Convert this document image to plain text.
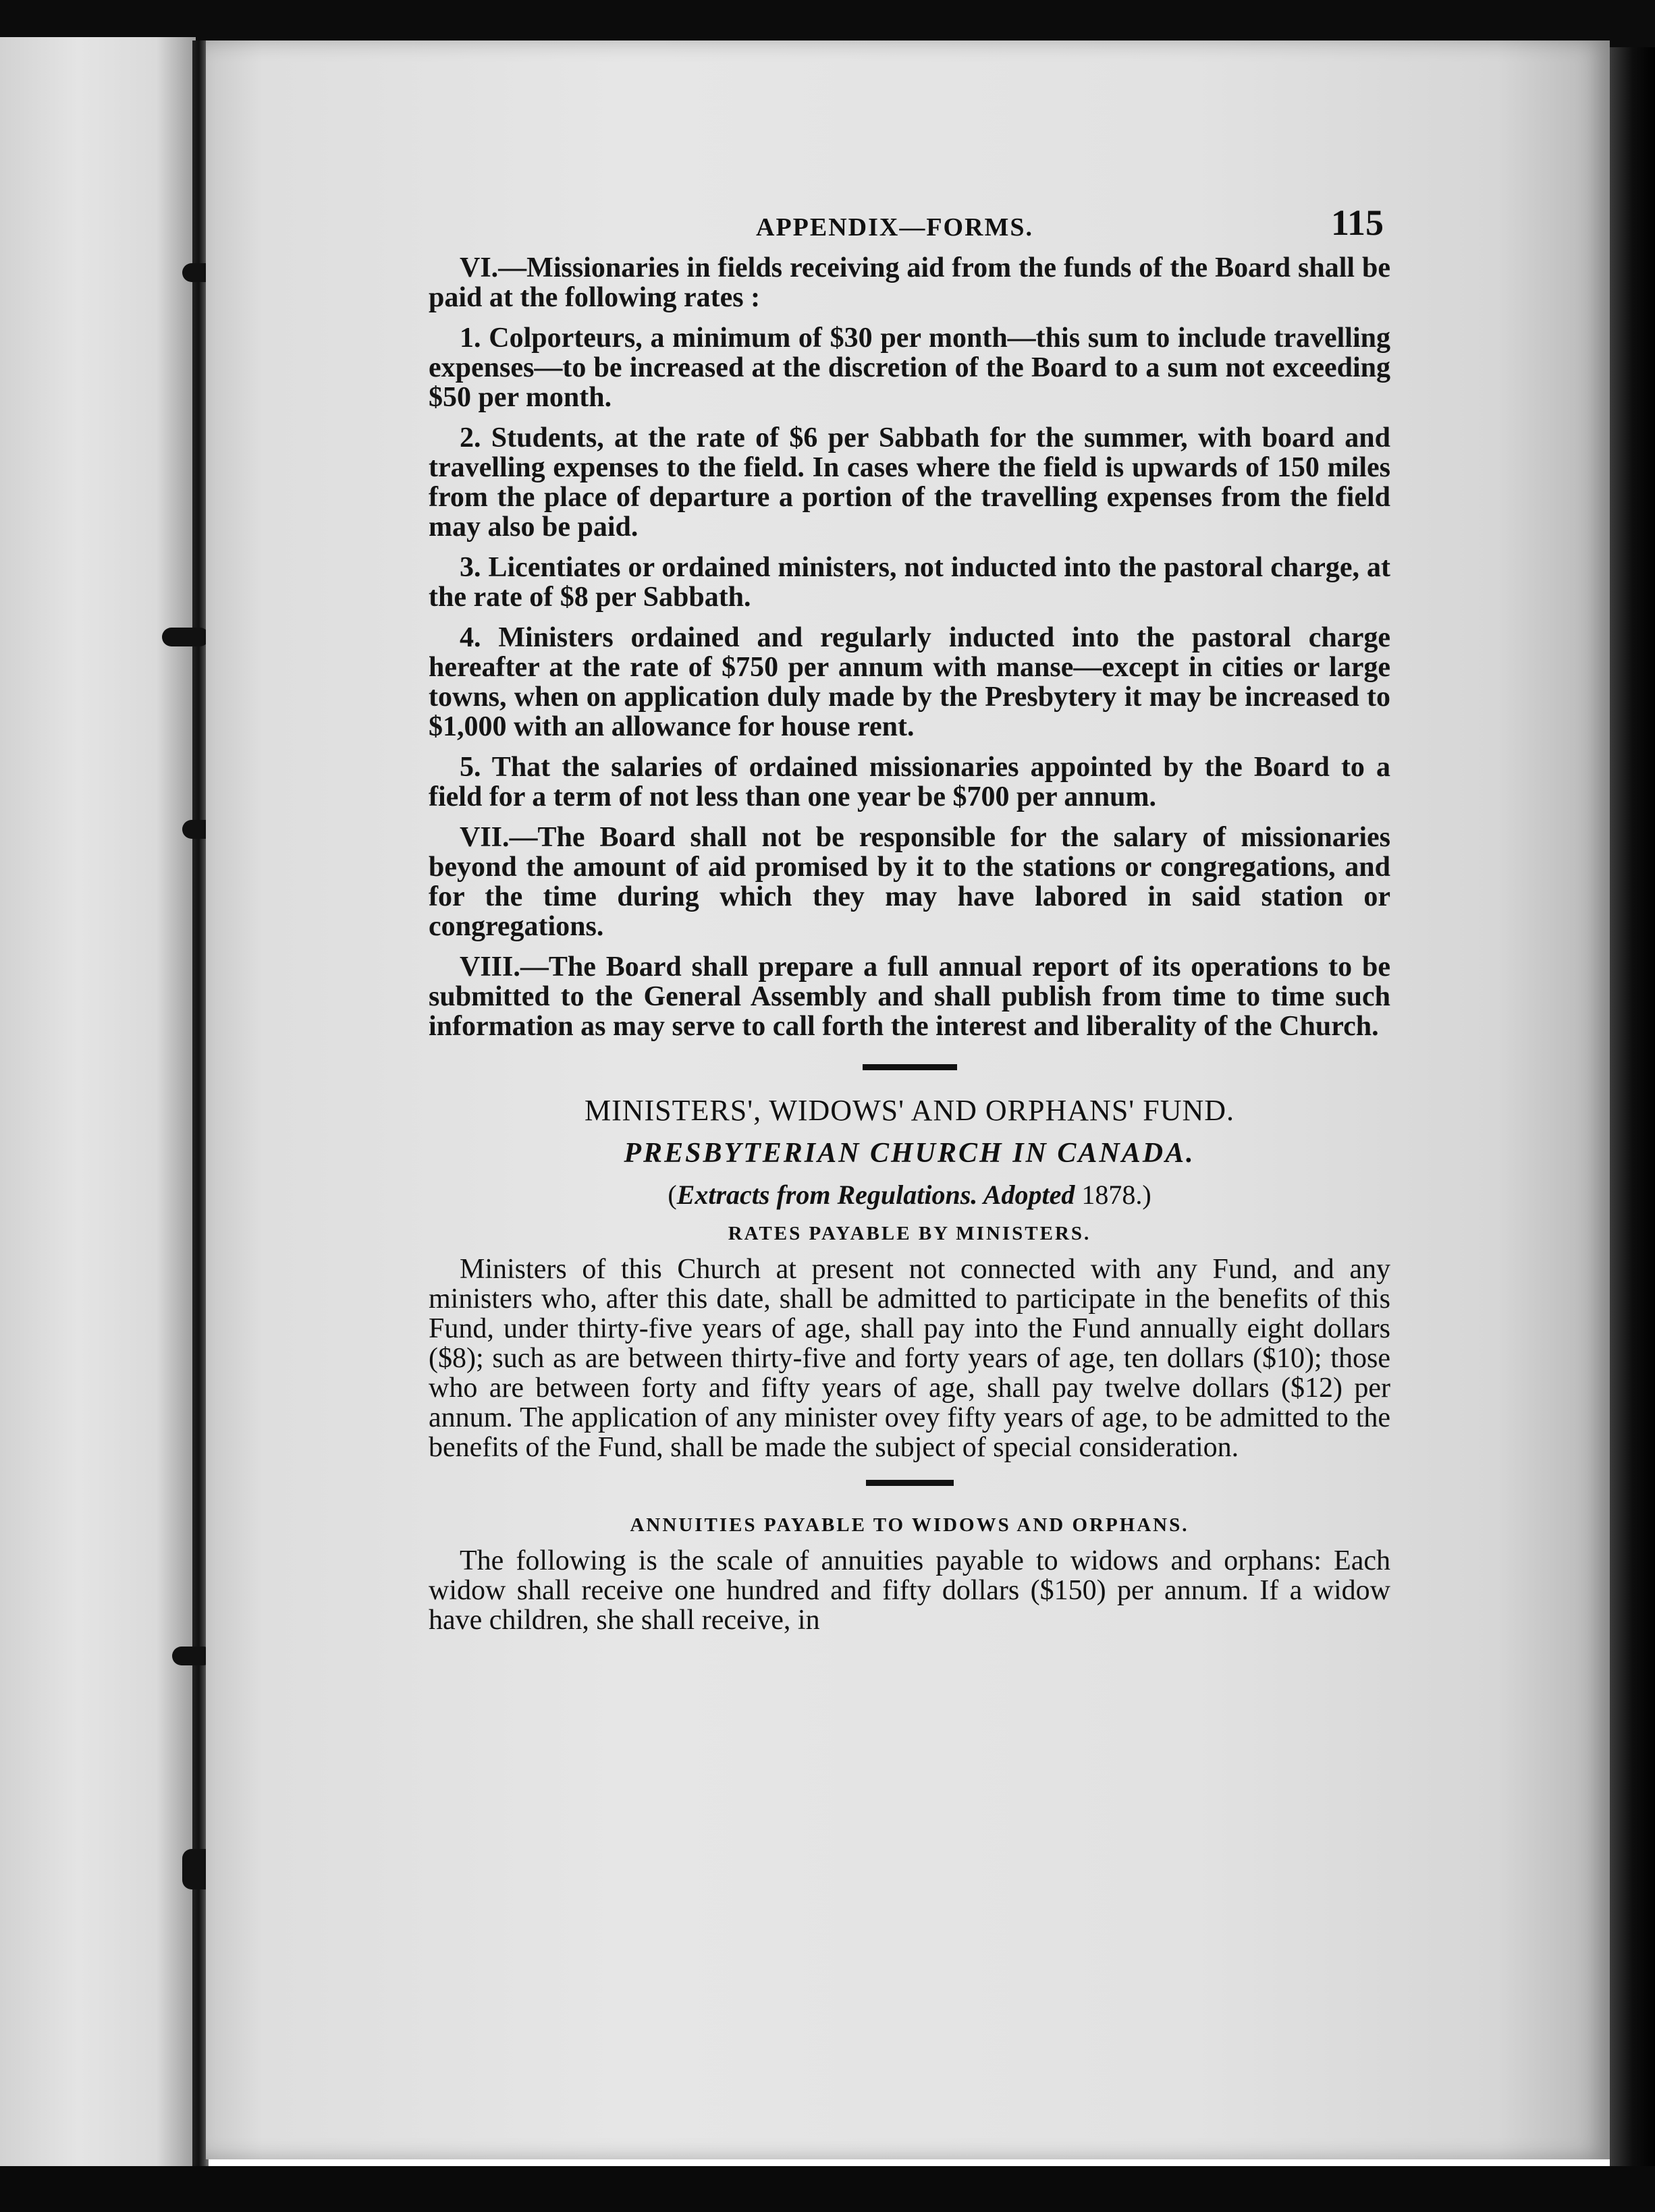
APPENDIX—FORMS.	115

VI.—Missionaries in fields receiving aid from the funds of the Board shall be paid at the following rates :

1. Colporteurs, a minimum of $30 per month—this sum to include travelling expenses—to be increased at the discretion of the Board to a sum not exceeding $50 per month.

2. Students, at the rate of $6 per Sabbath for the summer, with board and travelling expenses to the field. In cases where the field is upwards of 150 miles from the place of departure a portion of the travelling expenses from the field may also be paid.

3. Licentiates or ordained ministers, not inducted into the pastoral charge, at the rate of $8 per Sabbath.

4. Ministers ordained and regularly inducted into the pastoral charge hereafter at the rate of $750 per annum with manse—except in cities or large towns, when on application duly made by the Presbytery it may be increased to $1,000 with an allowance for house rent.

5. That the salaries of ordained missionaries appointed by the Board to a field for a term of not less than one year be $700 per annum.

VII.—The Board shall not be responsible for the salary of missionaries beyond the amount of aid promised by it to the stations or congregations, and for the time during which they may have labored in said station or congregations.

VIII.—The Board shall prepare a full annual report of its operations to be submitted to the General Assembly and shall publish from time to time such information as may serve to call forth the interest and liberality of the Church.

MINISTERS', WIDOWS' AND ORPHANS' FUND.
PRESBYTERIAN CHURCH IN CANADA.
(Extracts from Regulations. Adopted 1878.)
RATES PAYABLE BY MINISTERS.

Ministers of this Church at present not connected with any Fund, and any ministers who, after this date, shall be admitted to participate in the benefits of this Fund, under thirty-five years of age, shall pay into the Fund annually eight dollars ($8); such as are between thirty-five and forty years of age, ten dollars ($10); those who are between forty and fifty years of age, shall pay twelve dollars ($12) per annum. The application of any minister ovey fifty years of age, to be admitted to the benefits of the Fund, shall be made the subject of special consideration.

ANNUITIES PAYABLE TO WIDOWS AND ORPHANS.

The following is the scale of annuities payable to widows and orphans: Each widow shall receive one hundred and fifty dollars ($150) per annum. If a widow have children, she shall receive, in
